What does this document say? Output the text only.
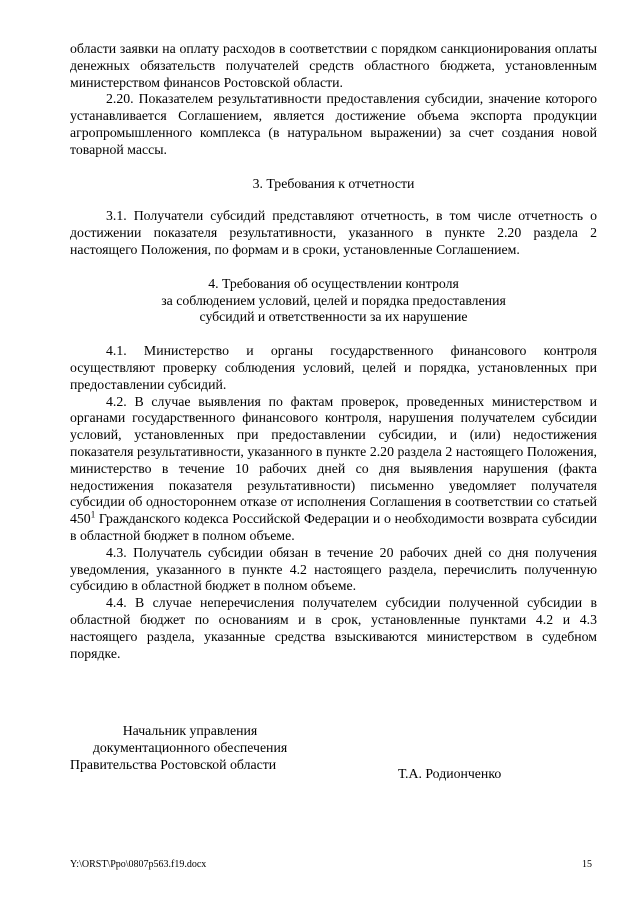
области заявки на оплату расходов в соответствии с порядком санкционирования оплаты денежных обязательств получателей средств областного бюджета, установленным министерством финансов Ростовской области.

2.20. Показателем результативности предоставления субсидии, значение которого устанавливается Соглашением, является достижение объема экспорта продукции агропромышленного комплекса (в натуральном выражении) за счет создания новой товарной массы.

3. Требования к отчетности

3.1. Получатели субсидий представляют отчетность, в том числе отчетность о достижении показателя результативности, указанного в пункте 2.20 раздела 2 настоящего Положения, по формам и в сроки, установленные Соглашением.

4. Требования об осуществлении контроля

за соблюдением условий, целей и порядка предоставления

субсидий и ответственности за их нарушение

4.1. Министерство и органы государственного финансового контроля осуществляют проверку соблюдения условий, целей и порядка, установленных при предоставлении субсидий.

4.2. В случае выявления по фактам проверок, проведенных министерством и органами государственного финансового контроля, нарушения получателем субсидии условий, установленных при предоставлении субсидии, и (или) недостижения показателя результативности, указанного в пункте 2.20 раздела 2 настоящего Положения, министерство в течение 10 рабочих дней со дня выявления нарушения (факта недостижения показателя результативности) письменно уведомляет получателя субсидии об одностороннем отказе от исполнения Соглашения в соответствии со статьей $450^1$ Гражданского кодекса Российской Федерации и о необходимости возврата субсидии в областной бюджет в полном объеме.

4.3. Получатель субсидии обязан в течение 20 рабочих дней со дня получения уведомления, указанного в пункте 4.2 настоящего раздела, перечислить полученную субсидию в областной бюджет в полном объеме.

4.4. В случае неперечисления получателем субсидии полученной субсидии в областной бюджет по основаниям и в срок, установленные пунктами 4.2 и 4.3 настоящего раздела, указанные средства взыскиваются министерством в судебном порядке.

Начальник управления
документационного обеспечения
Правительства Ростовской области
Т.А. Родионченко
Y:\ORST\Ppo\0807p563.f19.docx	15
